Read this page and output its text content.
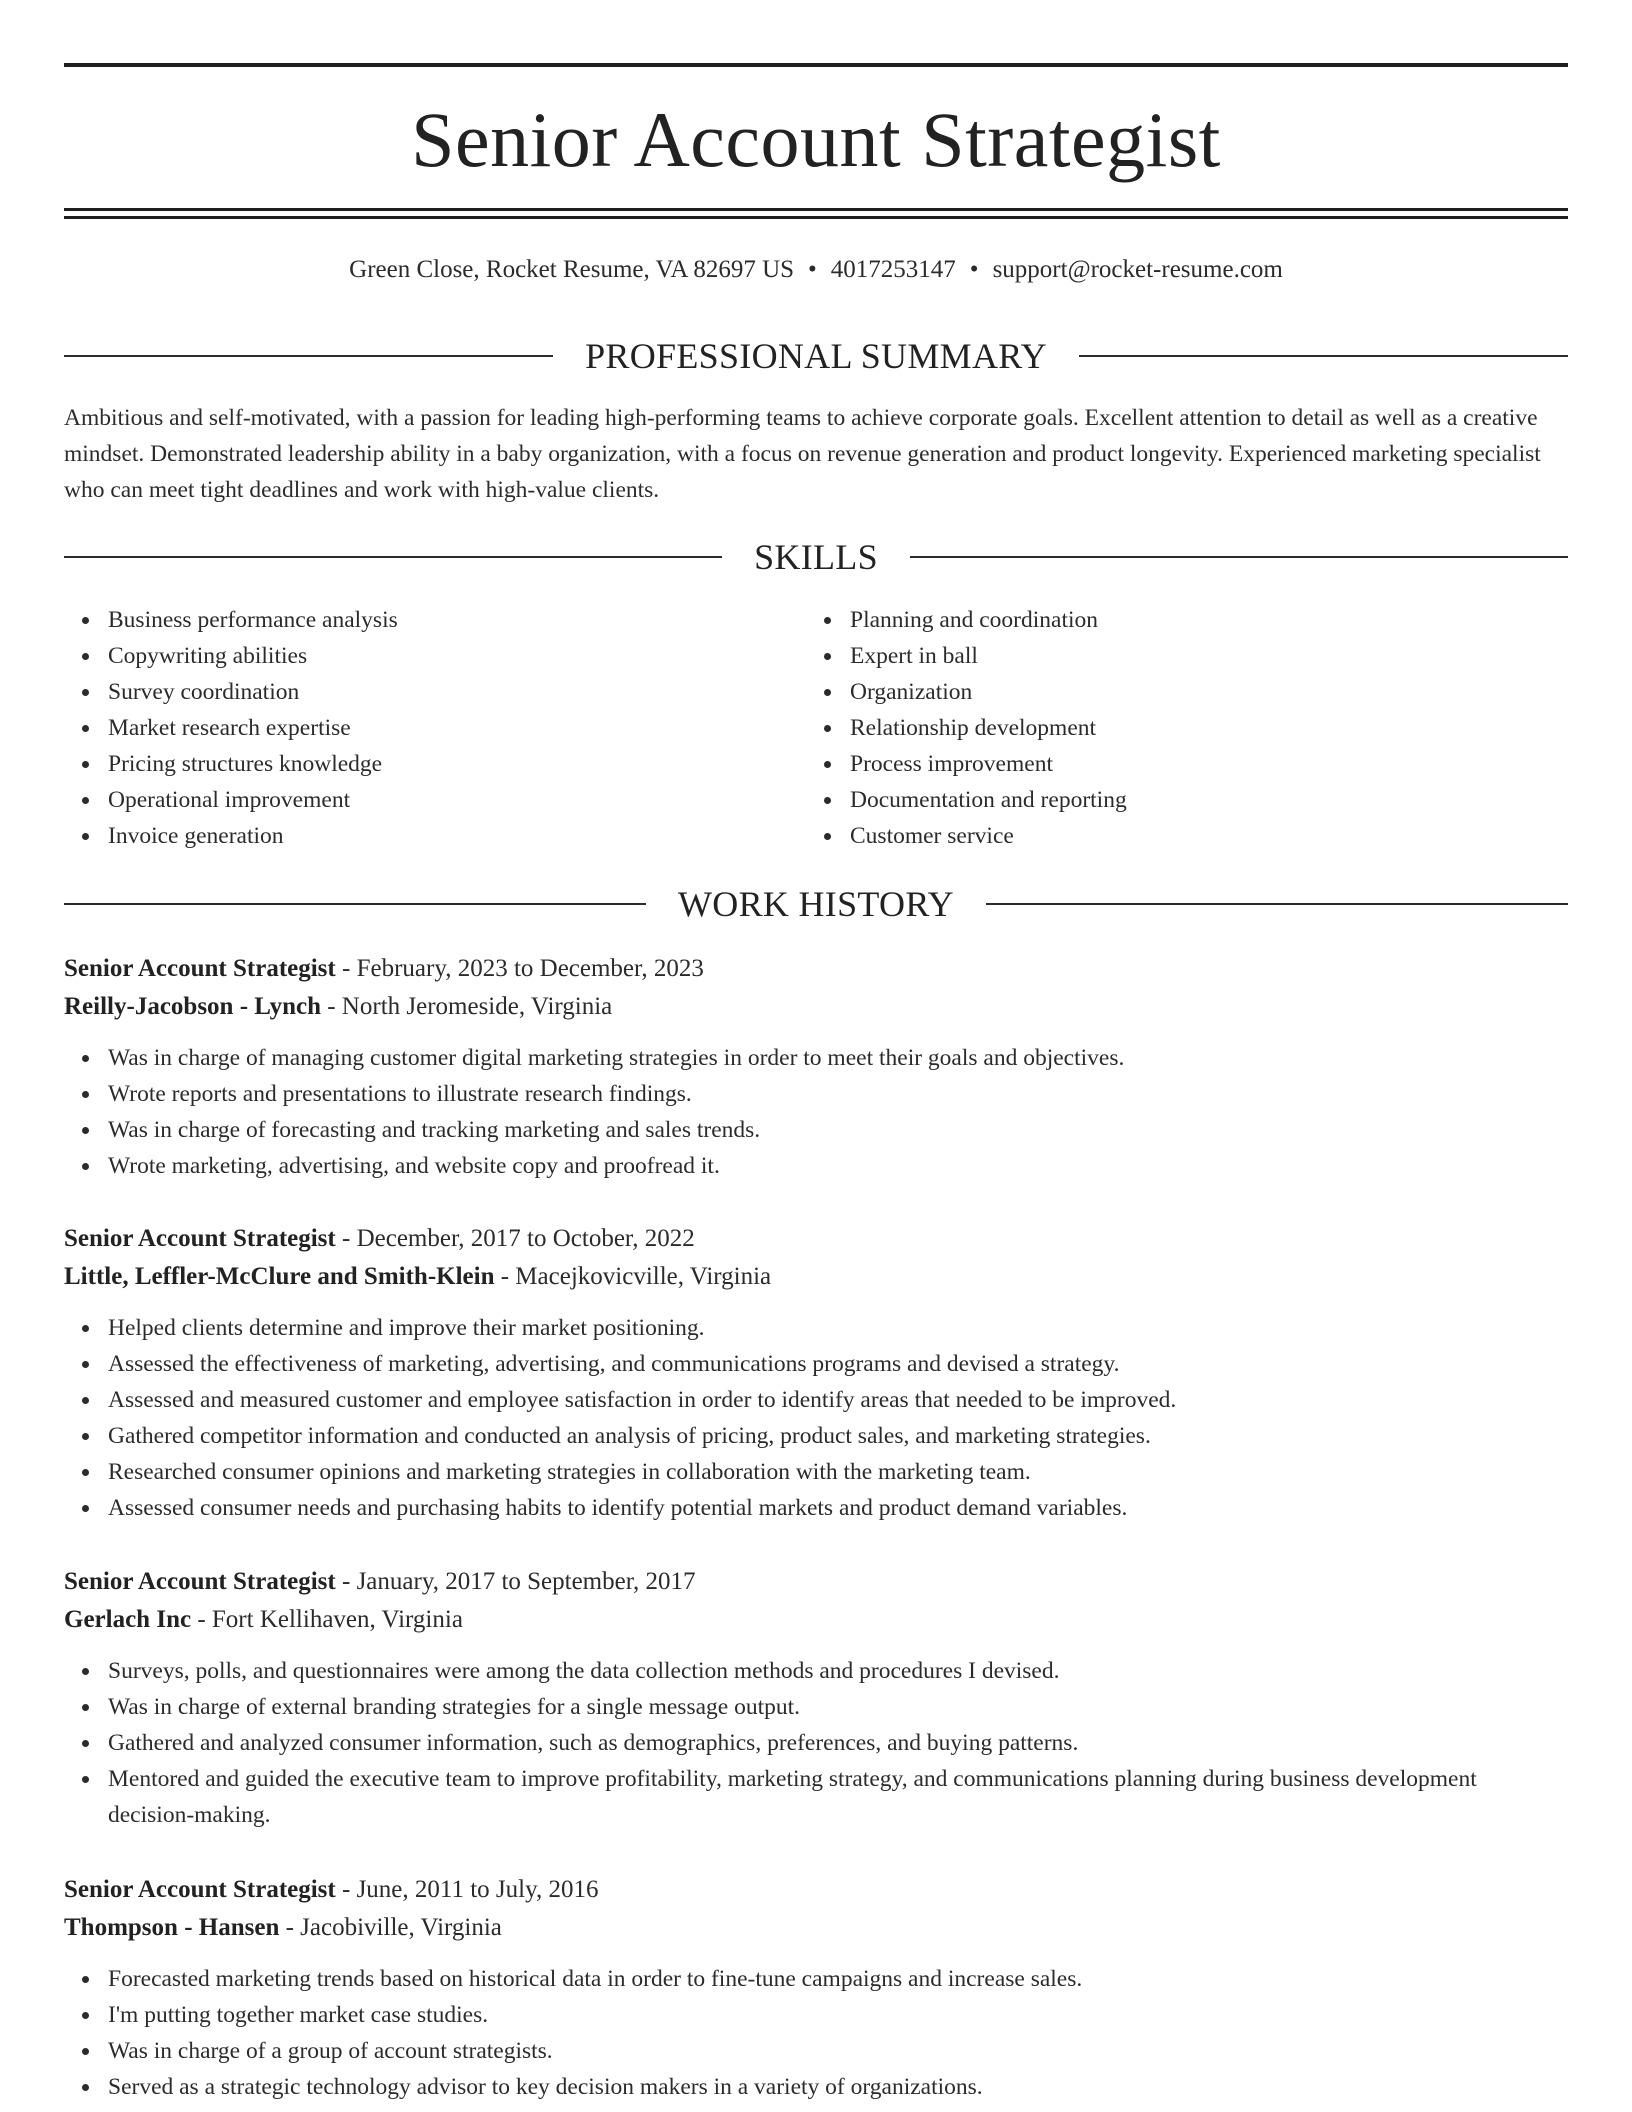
Senior Account Strategist
Green Close, Rocket Resume, VA 82697 US • 4017253147 • support@rocket-resume.com
PROFESSIONAL SUMMARY

Ambitious and self-motivated, with a passion for leading high-performing teams to achieve corporate goals. Excellent attention to detail as well as a creative mindset. Demonstrated leadership ability in a baby organization, with a focus on revenue generation and product longevity. Experienced marketing specialist who can meet tight deadlines and work with high-value clients.

SKILLS
Business performance analysis
Copywriting abilities
Survey coordination
Market research expertise
Pricing structures knowledge
Operational improvement
Invoice generation
Planning and coordination
Expert in ball
Organization
Relationship development
Process improvement
Documentation and reporting
Customer service
WORK HISTORY
Senior Account Strategist - February, 2023 to December, 2023
Reilly-Jacobson - Lynch - North Jeromeside, Virginia
Was in charge of managing customer digital marketing strategies in order to meet their goals and objectives.
Wrote reports and presentations to illustrate research findings.
Was in charge of forecasting and tracking marketing and sales trends.
Wrote marketing, advertising, and website copy and proofread it.
Senior Account Strategist - December, 2017 to October, 2022
Little, Leffler-McClure and Smith-Klein - Macejkovicville, Virginia
Helped clients determine and improve their market positioning.
Assessed the effectiveness of marketing, advertising, and communications programs and devised a strategy.
Assessed and measured customer and employee satisfaction in order to identify areas that needed to be improved.
Gathered competitor information and conducted an analysis of pricing, product sales, and marketing strategies.
Researched consumer opinions and marketing strategies in collaboration with the marketing team.
Assessed consumer needs and purchasing habits to identify potential markets and product demand variables.
Senior Account Strategist - January, 2017 to September, 2017
Gerlach Inc - Fort Kellihaven, Virginia
Surveys, polls, and questionnaires were among the data collection methods and procedures I devised.
Was in charge of external branding strategies for a single message output.
Gathered and analyzed consumer information, such as demographics, preferences, and buying patterns.
Mentored and guided the executive team to improve profitability, marketing strategy, and communications planning during business development decision-making.
Senior Account Strategist - June, 2011 to July, 2016
Thompson - Hansen - Jacobiville, Virginia
Forecasted marketing trends based on historical data in order to fine-tune campaigns and increase sales.
I'm putting together market case studies.
Was in charge of a group of account strategists.
Served as a strategic technology advisor to key decision makers in a variety of organizations.
